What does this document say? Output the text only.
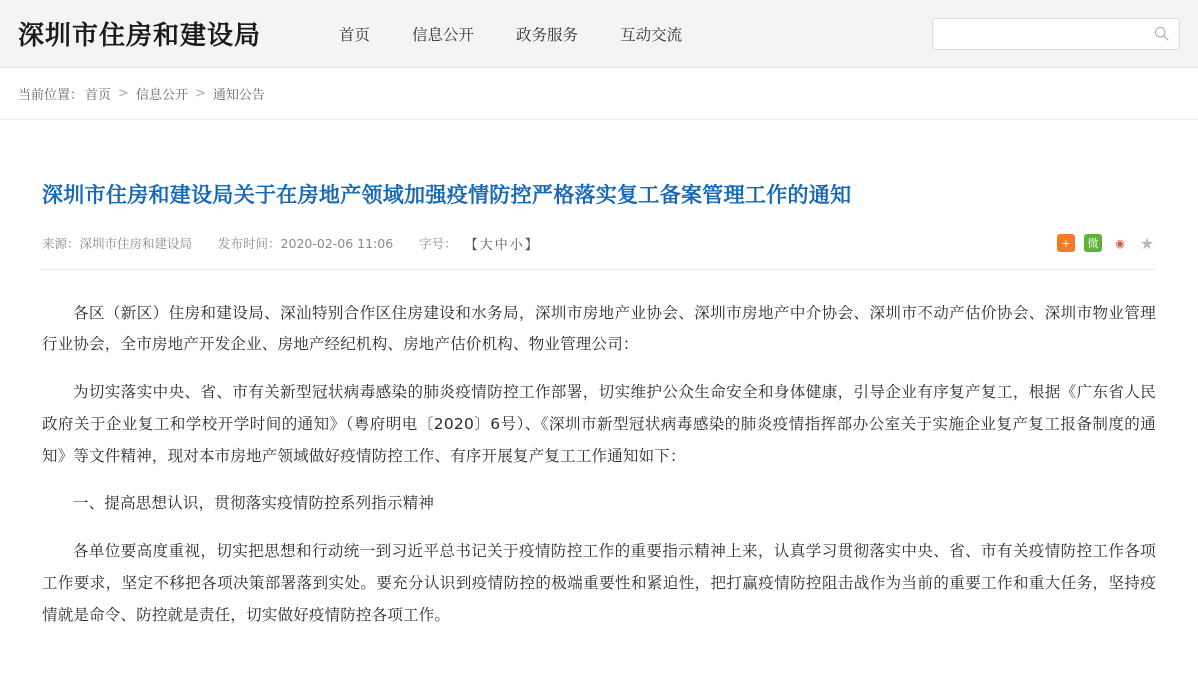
深圳市住房和建设局	首页	信息公开	政务服务	互动交流
当前位置： 首页 > 信息公开 > 通知公告
深圳市住房和建设局关于在房地产领域加强疫情防控严格落实复工备案管理工作的通知
来源：深圳市住房和建设局 发布时间：2020-02-06 11:06 字号： 【大中小】	+	微	◉ ★

各区（新区）住房和建设局、深汕特别合作区住房建设和水务局，深圳市房地产业协会、深圳市房地产中介协会、深圳市不动产估价协会、深圳市物业管理行业协会，全市房地产开发企业、房地产经纪机构、房地产估价机构、物业管理公司：

为切实落实中央、省、市有关新型冠状病毒感染的肺炎疫情防控工作部署，切实维护公众生命安全和身体健康，引导企业有序复产复工，根据《广东省人民政府关于企业复工和学校开学时间的通知》（粤府明电〔2020〕6号）、《深圳市新型冠状病毒感染的肺炎疫情指挥部办公室关于实施企业复产复工报备制度的通知》等文件精神，现对本市房地产领域做好疫情防控工作、有序开展复产复工工作通知如下：

一、提高思想认识，贯彻落实疫情防控系列指示精神

各单位要高度重视，切实把思想和行动统一到习近平总书记关于疫情防控工作的重要指示精神上来，认真学习贯彻落实中央、省、市有关疫情防控工作各项工作要求，坚定不移把各项决策部署落到实处。要充分认识到疫情防控的极端重要性和紧迫性，把打赢疫情防控阻击战作为当前的重要工作和重大任务，坚持疫情就是命令、防控就是责任，切实做好疫情防控各项工作。
